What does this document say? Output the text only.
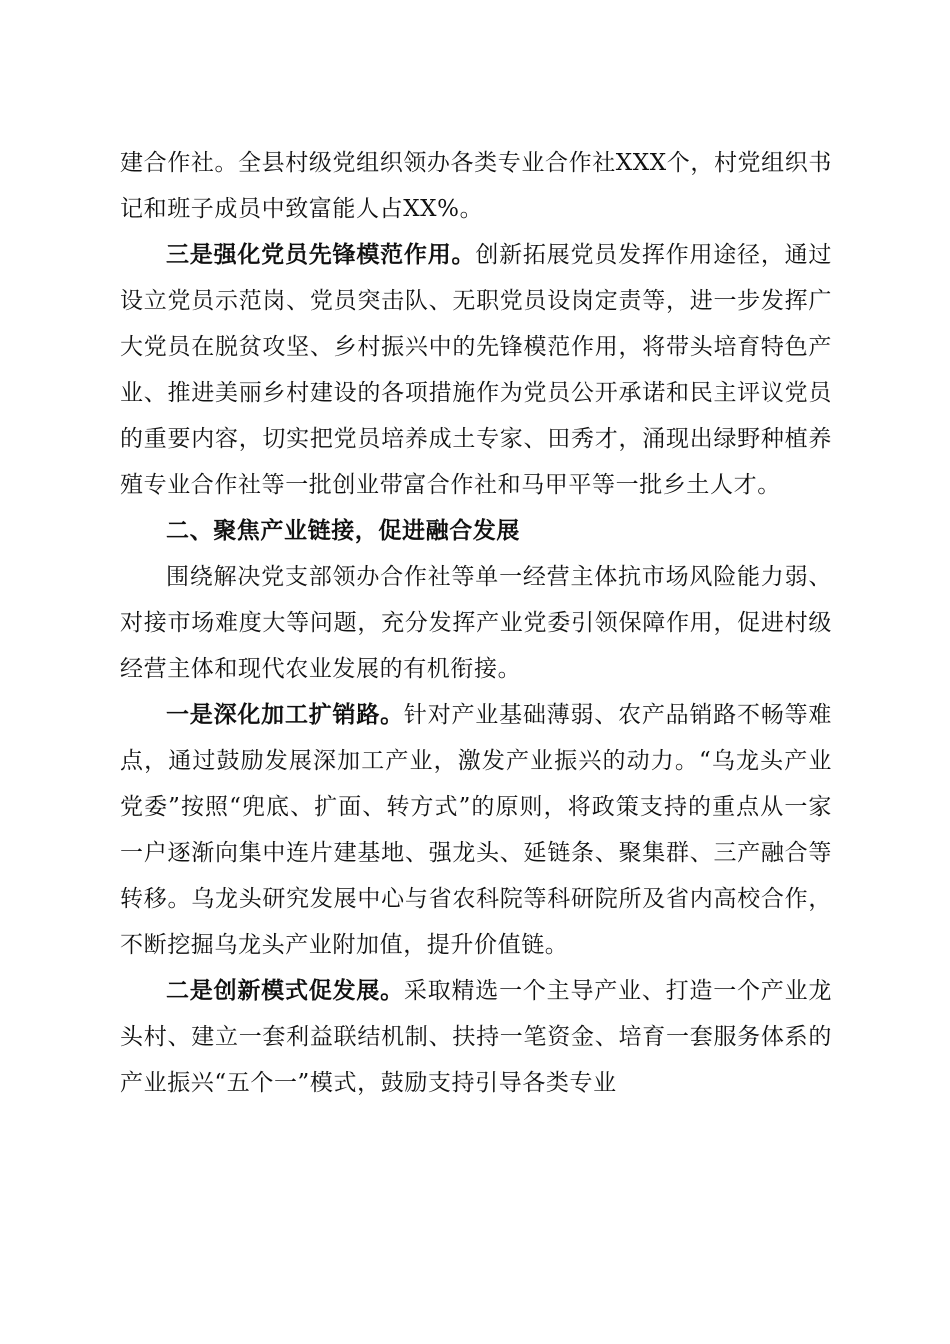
建合作社。全县村级党组织领办各类专业合作社XXX个，村党组织书记和班子成员中致富能人占XX%。

三是强化党员先锋模范作用。创新拓展党员发挥作用途径，通过设立党员示范岗、党员突击队、无职党员设岗定责等，进一步发挥广大党员在脱贫攻坚、乡村振兴中的先锋模范作用，将带头培育特色产业、推进美丽乡村建设的各项措施作为党员公开承诺和民主评议党员的重要内容，切实把党员培养成土专家、田秀才，涌现出绿野种植养殖专业合作社等一批创业带富合作社和马甲平等一批乡土人才。

二、聚焦产业链接，促进融合发展

围绕解决党支部领办合作社等单一经营主体抗市场风险能力弱、对接市场难度大等问题，充分发挥产业党委引领保障作用，促进村级经营主体和现代农业发展的有机衔接。

一是深化加工扩销路。针对产业基础薄弱、农产品销路不畅等难点，通过鼓励发展深加工产业，激发产业振兴的动力。“乌龙头产业党委”按照“兜底、扩面、转方式”的原则，将政策支持的重点从一家一户逐渐向集中连片建基地、强龙头、延链条、聚集群、三产融合等转移。乌龙头研究发展中心与省农科院等科研院所及省内高校合作，不断挖掘乌龙头产业附加值，提升价值链。

二是创新模式促发展。采取精选一个主导产业、打造一个产业龙头村、建立一套利益联结机制、扶持一笔资金、培育一套服务体系的产业振兴“五个一”模式，鼓励支持引导各类专业
